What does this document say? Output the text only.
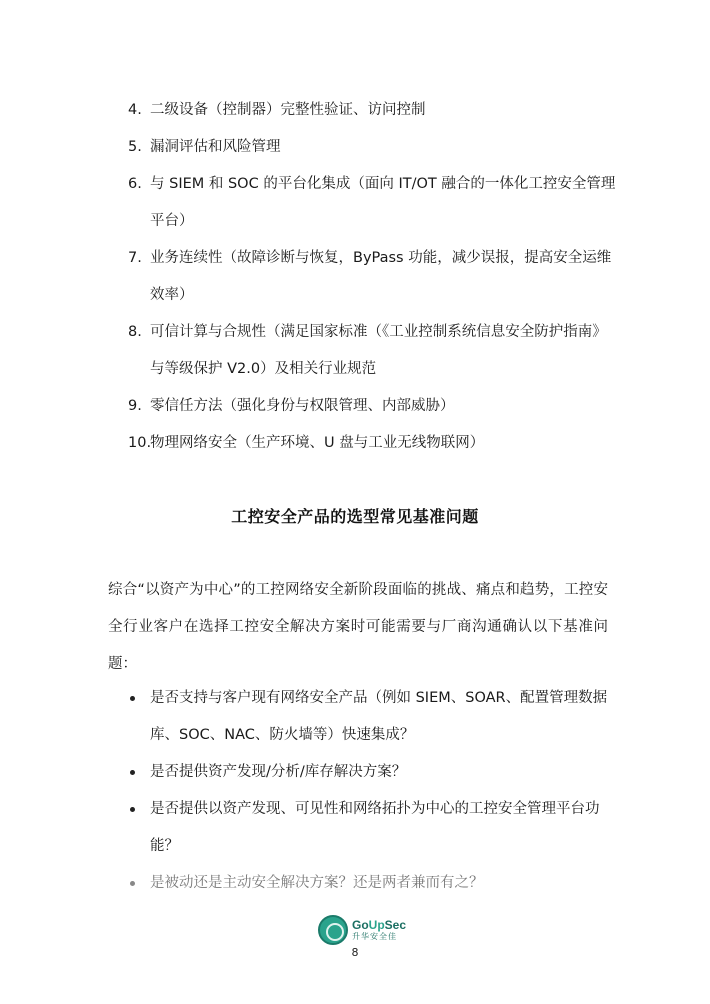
4. 二级设备（控制器）完整性验证、访问控制
5. 漏洞评估和风险管理
6. 与 SIEM 和 SOC 的平台化集成（面向 IT/OT 融合的一体化工控安全管理平台）
7. 业务连续性（故障诊断与恢复，ByPass 功能，减少误报，提高安全运维效率）
8. 可信计算与合规性（满足国家标准（《工业控制系统信息安全防护指南》与等级保护 V2.0）及相关行业规范
9. 零信任方法（强化身份与权限管理、内部威胁）
10.
物理网络安全（生产环境、U 盘与工业无线物联网）
工控安全产品的选型常见基准问题

综合“以资产为中心”的工控网络安全新阶段面临的挑战、痛点和趋势，工控安全行业客户在选择工控安全解决方案时可能需要与厂商沟通确认以下基准问题：

是否支持与客户现有网络安全产品（例如 SIEM、SOAR、配置管理数据库、SOC、NAC、防火墙等）快速集成？
是否提供资产发现/分析/库存解决方案？
是否提供以资产发现、可见性和网络拓扑为中心的工控安全管理平台功能？
是被动还是主动安全解决方案？还是两者兼而有之？
GoUpSec
升华安全佳
8
